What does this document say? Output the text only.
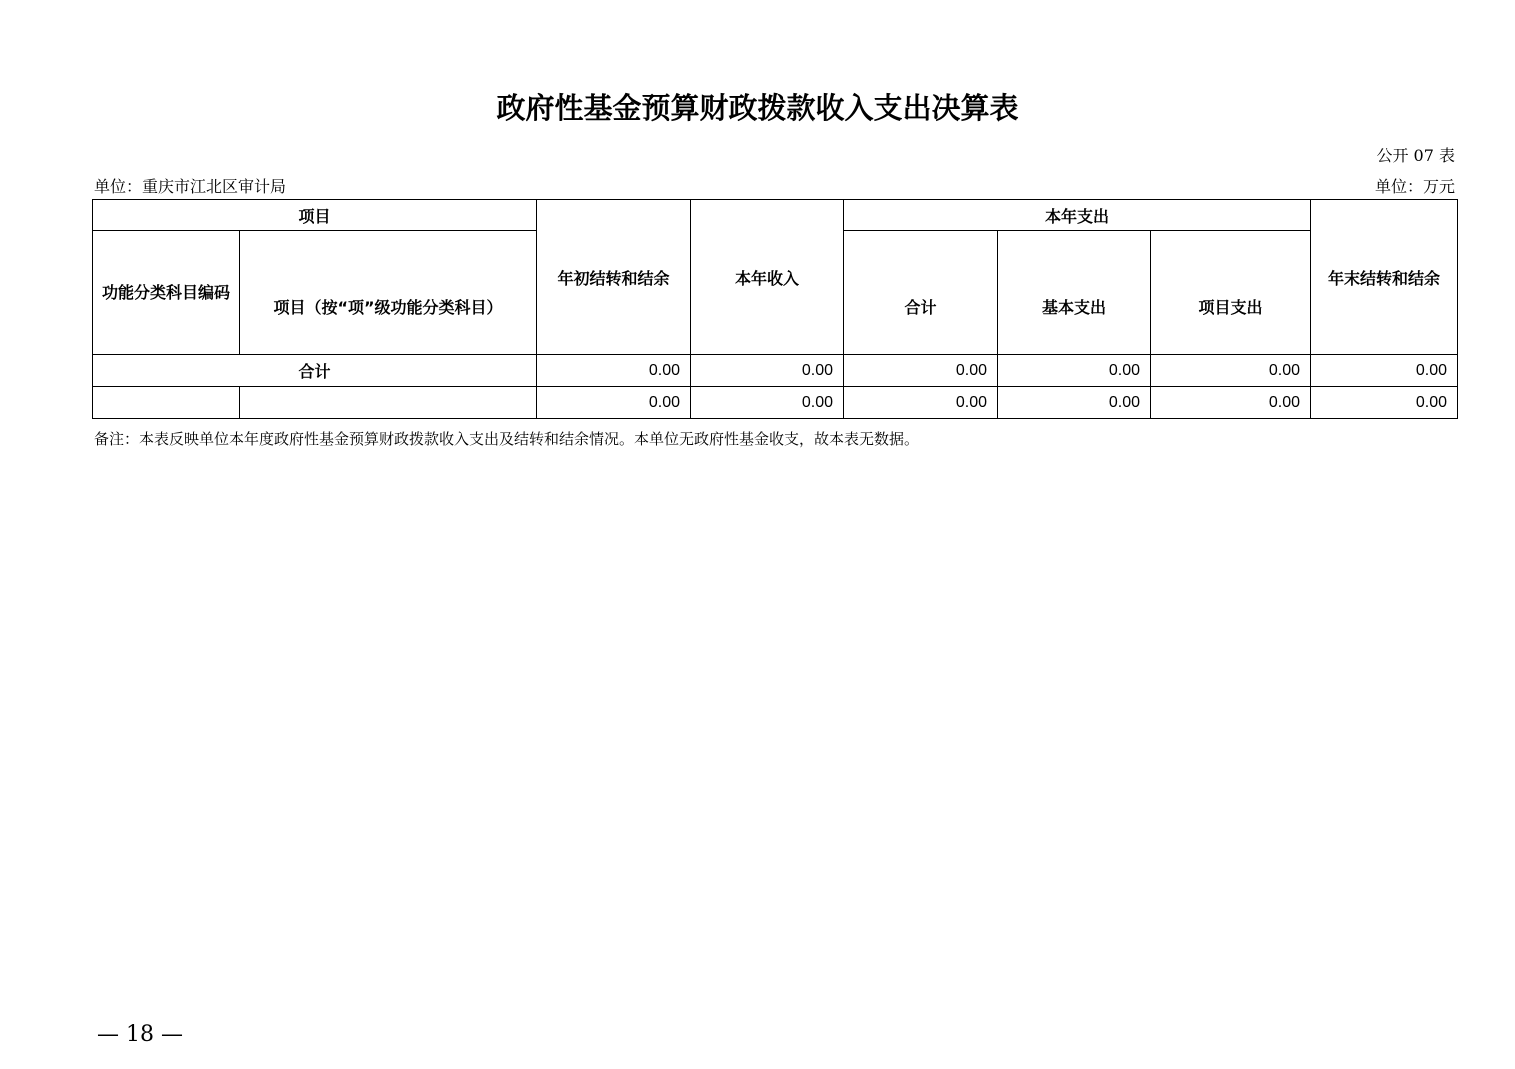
政府性基金预算财政拨款收入支出决算表
公开 07 表
单位：重庆市江北区审计局	单位：万元
项目		年初结转和结余	本年收入	本年支出			年末结转和结余
功能分类科目编码	项目（按“项”级功能分类科目）			合计	基本支出	项目支出	
合计		0.00	0.00	0.00	0.00	0.00	0.00
		0.00	0.00	0.00	0.00	0.00	0.00
备注：本表反映单位本年度政府性基金预算财政拨款收入支出及结转和结余情况。本单位无政府性基金收支，故本表无数据。
— 18 —
